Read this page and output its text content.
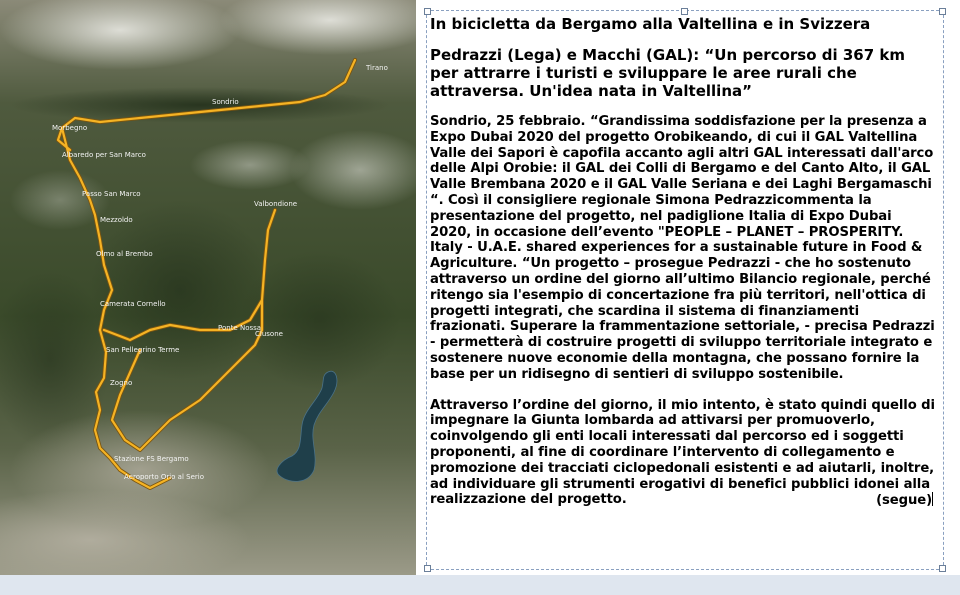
Tirano
Sondrio
Morbegno
Albaredo per San Marco
Passo San Marco
Mezzoldo
Olmo al Brembo
Valbondione
Camerata Cornello
Clusone
Ponte Nossa
San Pellegrino Terme
Zogno
Stazione FS Bergamo
Aeroporto Orio al Serio

In bicicletta da Bergamo alla Valtellina e in Svizzera

Pedrazzi (Lega) e Macchi (GAL): “Un percorso di 367 km per attrarre i turisti e sviluppare le aree rurali che attraversa. Un'idea nata in Valtellina”

Sondrio, 25 febbraio. “Grandissima soddisfazione per la presenza a Expo Dubai 2020 del progetto Orobikeando, di cui il GAL Valtellina Valle dei Sapori è capofila accanto agli altri GAL interessati dall'arco delle Alpi Orobie: il GAL dei Colli di Bergamo e del Canto Alto, il GAL Valle Brembana 2020 e il GAL Valle Seriana e dei Laghi Bergamaschi “. Così il consigliere regionale Simona Pedrazzicommenta la presentazione del progetto, nel padiglione Italia di Expo Dubai 2020, in occasione dell’evento "PEOPLE – PLANET – PROSPERITY. Italy - U.A.E. shared experiences for a sustainable future in Food & Agriculture. “Un progetto – prosegue Pedrazzi - che ho sostenuto attraverso un ordine del giorno all’ultimo Bilancio regionale, perché ritengo sia l'esempio di concertazione fra più territori, nell'ottica di progetti integrati, che scardina il sistema di finanziamenti frazionati. Superare la frammentazione settoriale, - precisa Pedrazzi - permetterà di costruire progetti di sviluppo territoriale integrato e sostenere nuove economie della montagna, che possano fornire la base per un ridisegno di sentieri di sviluppo sostenibile.

Attraverso l’ordine del giorno, il mio intento, è stato quindi quello di impegnare la Giunta lombarda ad attivarsi per promuoverlo, coinvolgendo gli enti locali interessati dal percorso ed i soggetti proponenti, al fine di coordinare l’intervento di collegamento e promozione dei tracciati ciclopedonali esistenti e ad aiutarli, inoltre, ad individuare gli strumenti erogativi di benefici pubblici idonei alla realizzazione del progetto.	(segue)
